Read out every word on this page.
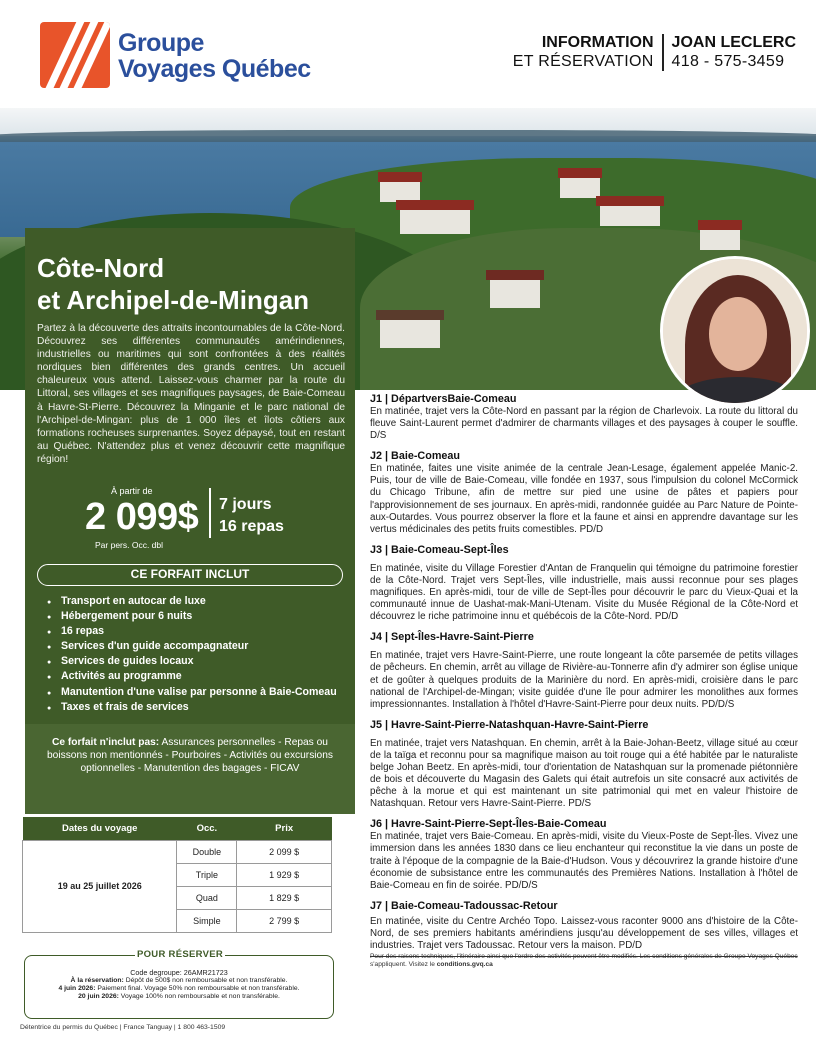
Groupe
Voyages Québec
INFORMATION
ET RÉSERVATION
JOAN LECLERC
418 - 575-3459
Côte-Nord
et Archipel-de-Mingan

Partez à la découverte des attraits incontournables de la Côte-Nord. Découvrez ses différentes communautés amérindiennes, industrielles ou maritimes qui sont confrontées à des réalités nordiques bien différentes des grands centres. Un accueil chaleureux vous attend. Laissez-vous charmer par la route du Littoral, ses villages et ses magnifiques paysages, de Baie-Comeau à Havre-St-Pierre. Découvrez la Minganie et le parc national de l'Archipel-de-Mingan: plus de 1 000 îles et îlots côtiers aux formations rocheuses surprenantes. Soyez dépaysé, tout en restant au Québec. N'attendez plus et venez découvrir cette magnifique région!

À partir de
2 099$
Par pers. Occ. dbl
7 jours
16 repas
CE FORFAIT INCLUT
● Transport en autocar de luxe
● Hébergement pour 6 nuits
● 16 repas
● Services d'un guide accompagnateur
● Services de guides locaux
● Activités au programme
● Manutention d'une valise par personne à Baie-Comeau
● Taxes et frais de services

Ce forfait n'inclut pas: Assurances personnelles - Repas ou boissons non mentionnés - Pourboires - Activités ou excursions optionnelles - Manutention des bagages - FICAV

Dates du voyage	Occ.	Prix
19 au 25 juillet 2026	Double	2 099 $
	Triple	1 929 $
	Quad	1 829 $
	Simple	2 799 $
POUR RÉSERVER
Code degroupe: 26AMR21723
À la réservation: Dépôt de 500$ non remboursable et non transférable.
4 juin 2026: Paiement final. Voyage 50% non remboursable et non transférable.
20 juin 2026: Voyage 100% non remboursable et non transférable.
Détentrice du permis du Québec | France Tanguay | 1 800 463-1509
J1 | DépartversBaie-Comeau

En matinée, trajet vers la Côte-Nord en passant par la région de Charlevoix. La route du littoral du fleuve Saint-Laurent permet d'admirer de charmants villages et des paysages à couper le souffle. D/S

J2 | Baie-Comeau

En matinée, faites une visite animée de la centrale Jean-Lesage, également appelée Manic-2. Puis, tour de ville de Baie-Comeau, ville fondée en 1937, sous l'impulsion du colonel McCormick du Chicago Tribune, afin de mettre sur pied une usine de pâtes et papiers pour l'approvisionnement de ses journaux. En après-midi, randonnée guidée au Parc Nature de Pointe-aux-Outardes. Vous pourrez observer la flore et la faune et ainsi en apprendre davantage sur les vertus médicinales des petits fruits comestibles. PD/D

J3 | Baie-Comeau-Sept-Îles

En matinée, visite du Village Forestier d'Antan de Franquelin qui témoigne du patrimoine forestier de la Côte-Nord. Trajet vers Sept-Îles, ville industrielle, mais aussi reconnue pour ses plages magnifiques. En après-midi, tour de ville de Sept-Îles pour découvrir le parc du Vieux-Quai et la communauté innue de Uashat-mak-Mani-Utenam. Visite du Musée Régional de la Côte-Nord et découvrez le riche patrimoine innu et québécois de la Côte-Nord. PD/D

J4 | Sept-Îles-Havre-Saint-Pierre

En matinée, trajet vers Havre-Saint-Pierre, une route longeant la côte parsemée de petits villages de pêcheurs. En chemin, arrêt au village de Rivière-au-Tonnerre afin d'y admirer son église unique et de goûter à quelques produits de la Marinière du nord. En après-midi, croisière dans le parc national de l'Archipel-de-Mingan; visite guidée d'une île pour admirer les monolithes aux formes impressionnantes. Installation à l'hôtel d'Havre-Saint-Pierre pour deux nuits. PD/D/S

J5 | Havre-Saint-Pierre-Natashquan-Havre-Saint-Pierre

En matinée, trajet vers Natashquan. En chemin, arrêt à la Baie-Johan-Beetz, village situé au cœur de la taïga et reconnu pour sa magnifique maison au toit rouge qui a été habitée par le naturaliste belge Johan Beetz. En après-midi, tour d'orientation de Natashquan sur la promenade piétonnière de bois et découverte du Magasin des Galets qui était autrefois un site consacré aux activités de pêche à la morue et qui est maintenant un site patrimonial qui met en valeur l'histoire de Natashquan. Retour vers Havre-Saint-Pierre. PD/S

J6 | Havre-Saint-Pierre-Sept-Îles-Baie-Comeau

En matinée, trajet vers Baie-Comeau. En après-midi, visite du Vieux-Poste de Sept-Îles. Vivez une immersion dans les années 1830 dans ce lieu enchanteur qui reconstitue la vie dans un poste de traite à l'époque de la compagnie de la Baie-d'Hudson. Vous y découvrirez la grande histoire d'une économie de subsistance entre les communautés des Premières Nations. Installation à l'hôtel de Baie-Comeau en fin de soirée. PD/D/S

J7 | Baie-Comeau-Tadoussac-Retour

En matinée, visite du Centre Archéo Topo. Laissez-vous raconter 9000 ans d'histoire de la Côte-Nord, de ses premiers habitants amérindiens jusqu'au développement de ses villes, villages et industries. Trajet vers Tadoussac. Retour vers la maison. PD/D

Pour des raisons techniques, l'itinéraire ainsi que l'ordre des activités peuvent être modifiés. Les conditions générales de Groupe Voyages Québec
s'appliquent. Visitez le conditions.gvq.ca
